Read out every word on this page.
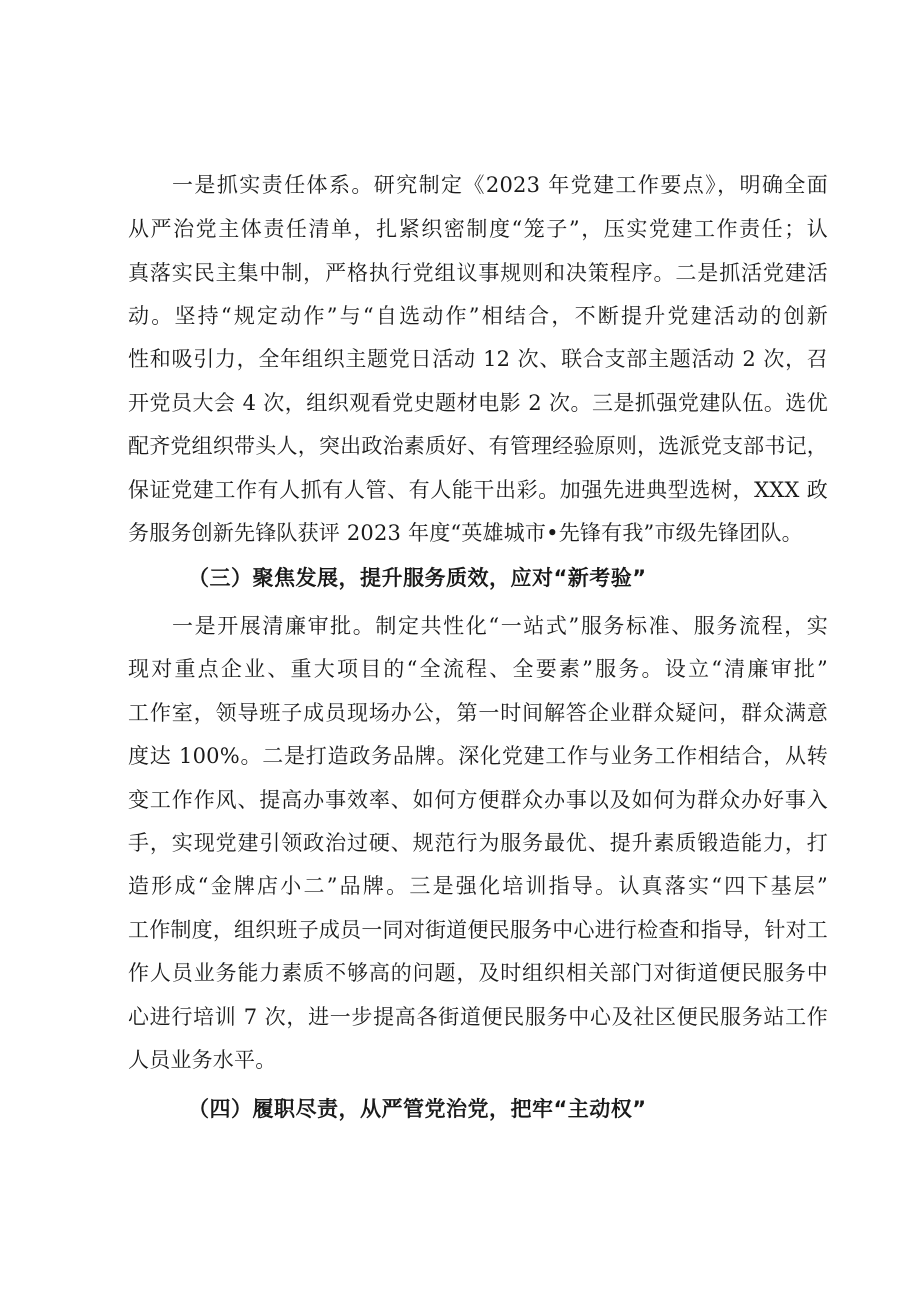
一是抓实责任体系。研究制定《2023 年党建工作要点》，明确全面
从严治党主体责任清单，扎紧织密制度“笼子”，压实党建工作责任；认
真落实民主集中制，严格执行党组议事规则和决策程序。二是抓活党建活
动。坚持“规定动作”与“自选动作”相结合，不断提升党建活动的创新
性和吸引力，全年组织主题党日活动 12 次、联合支部主题活动 2 次，召
开党员大会 4 次，组织观看党史题材电影 2 次。三是抓强党建队伍。选优
配齐党组织带头人，突出政治素质好、有管理经验原则，选派党支部书记，
保证党建工作有人抓有人管、有人能干出彩。加强先进典型选树，XXX 政
务服务创新先锋队获评 2023 年度“英雄城市•先锋有我”市级先锋团队。
（三）聚焦发展，提升服务质效，应对“新考验”
一是开展清廉审批。制定共性化“一站式”服务标准、服务流程，实
现对重点企业、重大项目的“全流程、全要素”服务。设立“清廉审批”
工作室，领导班子成员现场办公，第一时间解答企业群众疑问，群众满意
度达 100%。二是打造政务品牌。深化党建工作与业务工作相结合，从转
变工作作风、提高办事效率、如何方便群众办事以及如何为群众办好事入
手，实现党建引领政治过硬、规范行为服务最优、提升素质锻造能力，打
造形成“金牌店小二”品牌。三是强化培训指导。认真落实“四下基层”
工作制度，组织班子成员一同对街道便民服务中心进行检查和指导，针对工
作人员业务能力素质不够高的问题，及时组织相关部门对街道便民服务中
心进行培训 7 次，进一步提高各街道便民服务中心及社区便民服务站工作
人员业务水平。
（四）履职尽责，从严管党治党，把牢“主动权”
